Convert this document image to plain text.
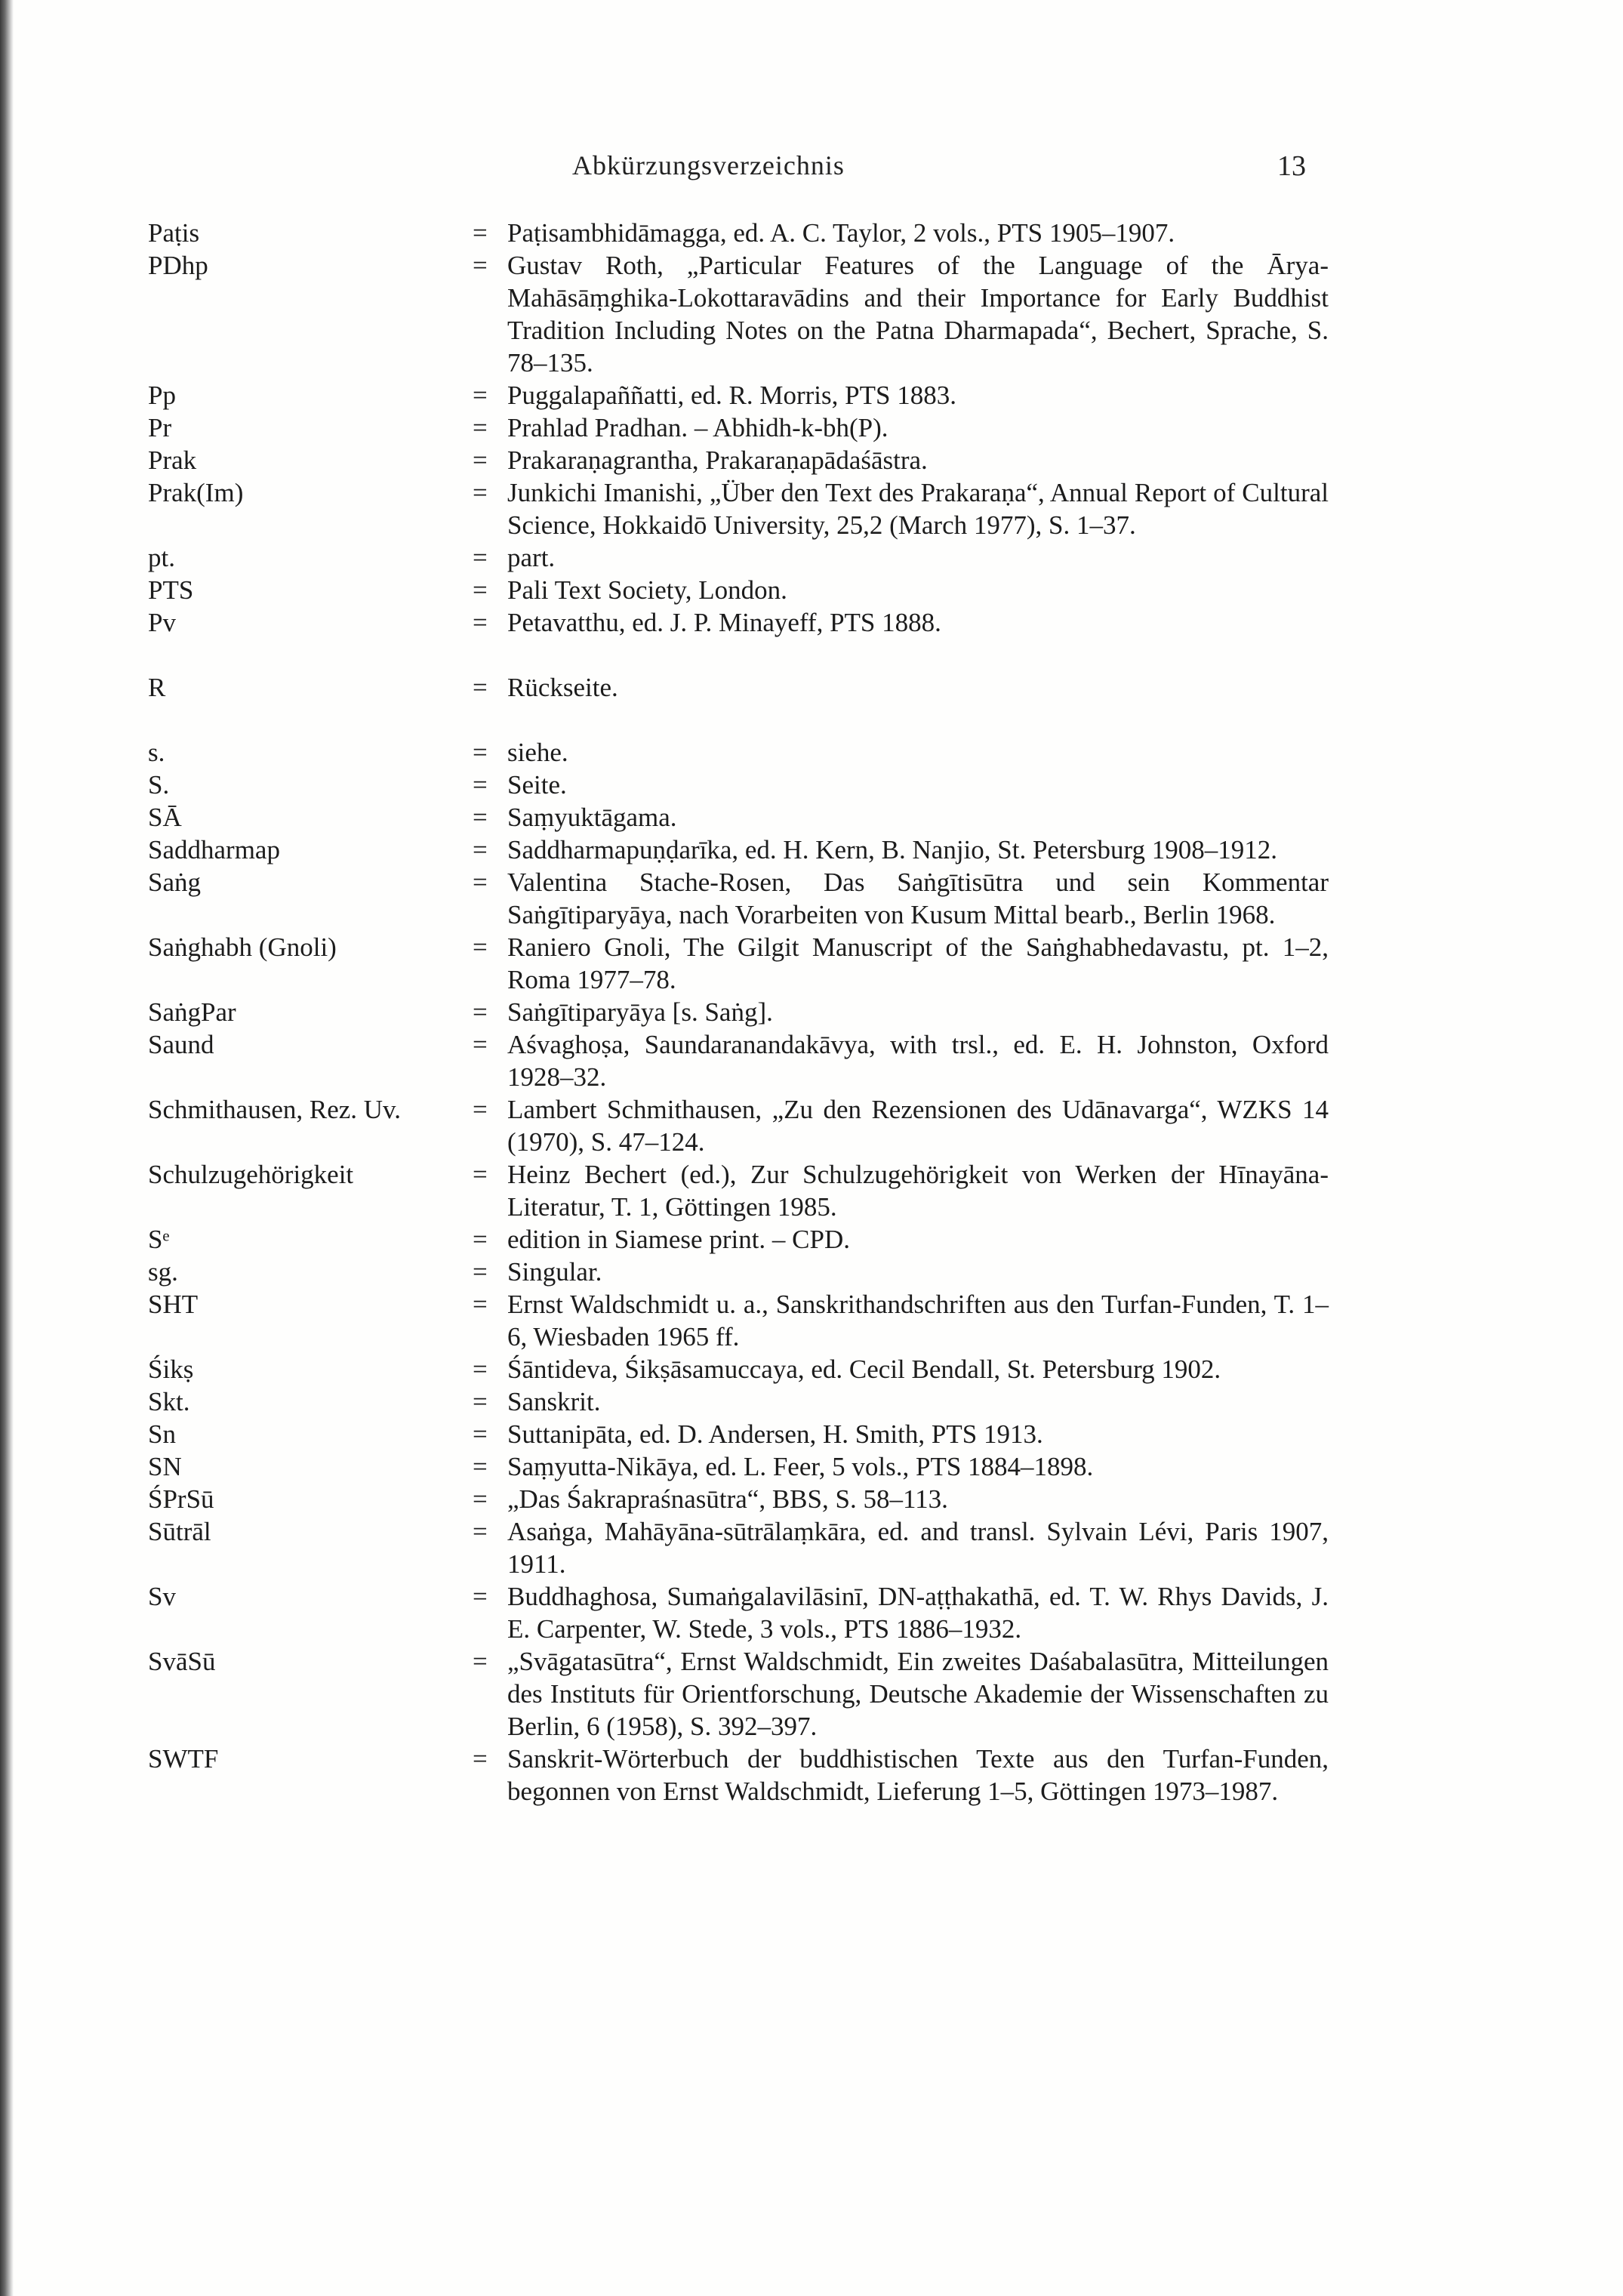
Abkürzungsverzeichnis	13
Paṭis	= Paṭisambhidāmagga, ed. A. C. Taylor, 2 vols., PTS 1905–1907.
PDhp	= Gustav Roth, „Particular Features of the Language of the Ārya-Mahāsāṃghika-Lokottaravādins and their Importance for Early Buddhist Tradition Including Notes on the Patna Dharmapada“, Bechert, Sprache, S. 78–135.
Pp	= Puggalapaññatti, ed. R. Morris, PTS 1883.
Pr	= Prahlad Pradhan. – Abhidh-k-bh(P).
Prak	= Prakaraṇagrantha, Prakaraṇapādaśāstra.
Prak(Im)	= Junkichi Imanishi, „Über den Text des Prakaraṇa“, Annual Report of Cultural Science, Hokkaidō University, 25,2 (March 1977), S. 1–37.
pt.	= part.
PTS	= Pali Text Society, London.
Pv	= Petavatthu, ed. J. P. Minayeff, PTS 1888.
R	= Rückseite.
s.	= siehe.
S.	= Seite.
SĀ	= Saṃyuktāgama.
Saddharmap	= Saddharmapuṇḍarīka, ed. H. Kern, B. Nanjio, St. Petersburg 1908–1912.
Saṅg	= Valentina Stache-Rosen, Das Saṅgītisūtra und sein Kommentar Saṅgītiparyāya, nach Vorarbeiten von Kusum Mittal bearb., Berlin 1968.
Saṅghabh (Gnoli)	= Raniero Gnoli, The Gilgit Manuscript of the Saṅghabhedavastu, pt. 1–2, Roma 1977–78.
SaṅgPar	= Saṅgītiparyāya [s. Saṅg].
Saund	= Aśvaghoṣa, Saundaranandakāvya, with trsl., ed. E. H. Johnston, Oxford 1928–32.
Schmithausen, Rez. Uv.	= Lambert Schmithausen, „Zu den Rezensionen des Udānavarga“, WZKS 14 (1970), S. 47–124.
Schulzugehörigkeit	= Heinz Bechert (ed.), Zur Schulzugehörigkeit von Werken der Hīnayāna-Literatur, T. 1, Göttingen 1985.
Sᵉ	= edition in Siamese print. – CPD.
sg.	= Singular.
SHT	= Ernst Waldschmidt u. a., Sanskrithandschriften aus den Turfan-Funden, T. 1–6, Wiesbaden 1965 ff.
Śikṣ	= Śāntideva, Śikṣāsamuccaya, ed. Cecil Bendall, St. Petersburg 1902.
Skt.	= Sanskrit.
Sn	= Suttanipāta, ed. D. Andersen, H. Smith, PTS 1913.
SN	= Saṃyutta-Nikāya, ed. L. Feer, 5 vols., PTS 1884–1898.
ŚPrSū	= „Das Śakrapraśnasūtra“, BBS, S. 58–113.
Sūtrāl	= Asaṅga, Mahāyāna-sūtrālaṃkāra, ed. and transl. Sylvain Lévi, Paris 1907, 1911.
Sv	= Buddhaghosa, Sumaṅgalavilāsinī, DN-aṭṭhakathā, ed. T. W. Rhys Davids, J. E. Carpenter, W. Stede, 3 vols., PTS 1886–1932.
SvāSū	= „Svāgatasūtra“, Ernst Waldschmidt, Ein zweites Daśabalasūtra, Mitteilungen des Instituts für Orientforschung, Deutsche Akademie der Wissenschaften zu Berlin, 6 (1958), S. 392–397.
SWTF	= Sanskrit-Wörterbuch der buddhistischen Texte aus den Turfan-Funden, begonnen von Ernst Waldschmidt, Lieferung 1–5, Göttingen 1973–1987.
